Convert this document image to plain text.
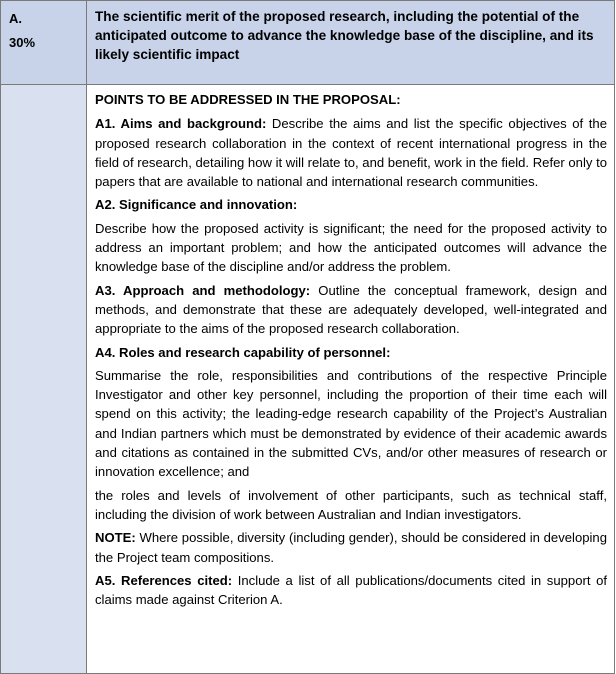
A.
30%
The scientific merit of the proposed research, including the potential of the anticipated outcome to advance the knowledge base of the discipline, and its likely scientific impact

POINTS TO BE ADDRESSED IN THE PROPOSAL:

A1. Aims and background: Describe the aims and list the specific objectives of the proposed research collaboration in the context of recent international progress in the field of research, detailing how it will relate to, and benefit, work in the field. Refer only to papers that are available to national and international research communities.

A2. Significance and innovation:

Describe how the proposed activity is significant; the need for the proposed activity to address an important problem; and how the anticipated outcomes will advance the knowledge base of the discipline and/or address the problem.

A3. Approach and methodology: Outline the conceptual framework, design and methods, and demonstrate that these are adequately developed, well-integrated and appropriate to the aims of the proposed research collaboration.

A4. Roles and research capability of personnel:

Summarise the role, responsibilities and contributions of the respective Principle Investigator and other key personnel, including the proportion of their time each will spend on this activity; the leading-edge research capability of the Project’s Australian and Indian partners which must be demonstrated by evidence of their academic awards and citations as contained in the submitted CVs, and/or other measures of research or innovation excellence; and

the roles and levels of involvement of other participants, such as technical staff, including the division of work between Australian and Indian investigators.

NOTE: Where possible, diversity (including gender), should be considered in developing the Project team compositions.

A5. References cited: Include a list of all publications/documents cited in support of claims made against Criterion A.
